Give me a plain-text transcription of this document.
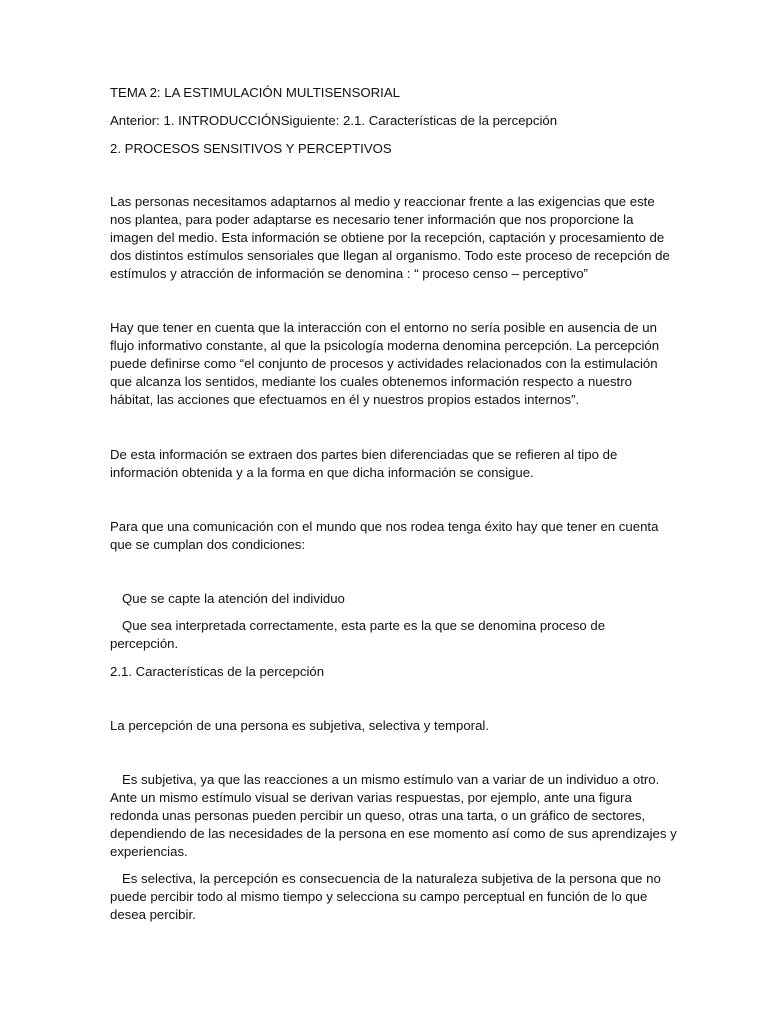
TEMA 2: LA ESTIMULACIÓN MULTISENSORIAL

Anterior: 1. INTRODUCCIÓNSiguiente: 2.1. Características de la percepción

2. PROCESOS SENSITIVOS Y PERCEPTIVOS

Las personas necesitamos adaptarnos al medio y reaccionar frente a las exigencias que este
nos plantea, para poder adaptarse es necesario tener información que nos proporcione la
imagen del medio. Esta información se obtiene por la recepción, captación y procesamiento de
dos distintos estímulos sensoriales que llegan al organismo. Todo este proceso de recepción de
estímulos y atracción de información se denomina : “ proceso censo – perceptivo”

Hay que tener en cuenta que la interacción con el entorno no sería posible en ausencia de un
flujo informativo constante, al que la psicología moderna denomina percepción. La percepción
puede definirse como “el conjunto de procesos y actividades relacionados con la estimulación
que alcanza los sentidos, mediante los cuales obtenemos información respecto a nuestro
hábitat, las acciones que efectuamos en él y nuestros propios estados internos”.

De esta información se extraen dos partes bien diferenciadas que se refieren al tipo de
información obtenida y a la forma en que dicha información se consigue.

Para que una comunicación con el mundo que nos rodea tenga éxito hay que tener en cuenta
que se cumplan dos condiciones:

Que se capte la atención del individuo

Que sea interpretada correctamente, esta parte es la que se denomina proceso de

percepción.

2.1. Características de la percepción

La percepción de una persona es subjetiva, selectiva y temporal.

Es subjetiva, ya que las reacciones a un mismo estímulo van a variar de un individuo a otro.
Ante un mismo estímulo visual se derivan varias respuestas, por ejemplo, ante una figura
redonda unas personas pueden percibir un queso, otras una tarta, o un gráfico de sectores,
dependiendo de las necesidades de la persona en ese momento así como de sus aprendizajes y
experiencias.

Es selectiva, la percepción es consecuencia de la naturaleza subjetiva de la persona que no
puede percibir todo al mismo tiempo y selecciona su campo perceptual en función de lo que
desea percibir.
